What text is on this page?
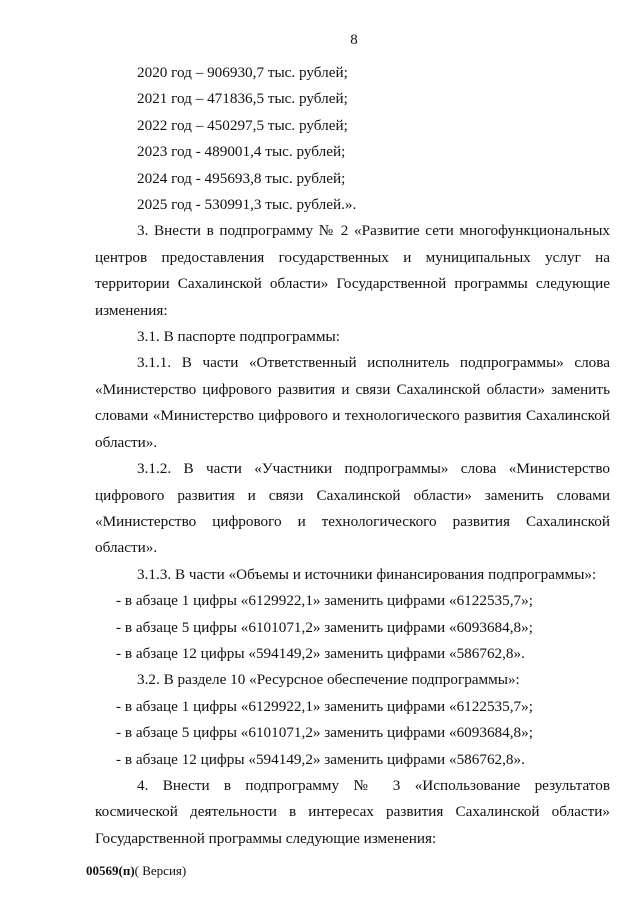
8
2020 год – 906930,7 тыс. рублей;
2021 год – 471836,5 тыс. рублей;
2022 год – 450297,5 тыс. рублей;
2023 год - 489001,4 тыс. рублей;
2024 год - 495693,8 тыс. рублей;
2025 год - 530991,3 тыс. рублей.».
3. Внести в подпрограмму № 2 «Развитие сети многофункциональных центров предоставления государственных и муниципальных услуг на территории Сахалинской области» Государственной программы следующие изменения:
3.1. В паспорте подпрограммы:
3.1.1. В части «Ответственный исполнитель подпрограммы» слова «Министерство цифрового развития и связи Сахалинской области» заменить словами «Министерство цифрового и технологического развития Сахалинской области».
3.1.2. В части «Участники подпрограммы» слова «Министерство цифрового развития и связи Сахалинской области» заменить словами «Министерство цифрового и технологического развития Сахалинской области».
3.1.3. В части «Объемы и источники финансирования подпрограммы»:
- в абзаце 1 цифры «6129922,1» заменить цифрами «6122535,7»;
- в абзаце 5 цифры «6101071,2» заменить цифрами «6093684,8»;
- в абзаце 12 цифры «594149,2» заменить цифрами «586762,8».
3.2. В разделе 10 «Ресурсное обеспечение подпрограммы»:
- в абзаце 1 цифры «6129922,1» заменить цифрами «6122535,7»;
- в абзаце 5 цифры «6101071,2» заменить цифрами «6093684,8»;
- в абзаце 12 цифры «594149,2» заменить цифрами «586762,8».
4. Внести в подпрограмму № 3 «Использование результатов космической деятельности в интересах развития Сахалинской области» Государственной программы следующие изменения:
00569(п)( Версия)
